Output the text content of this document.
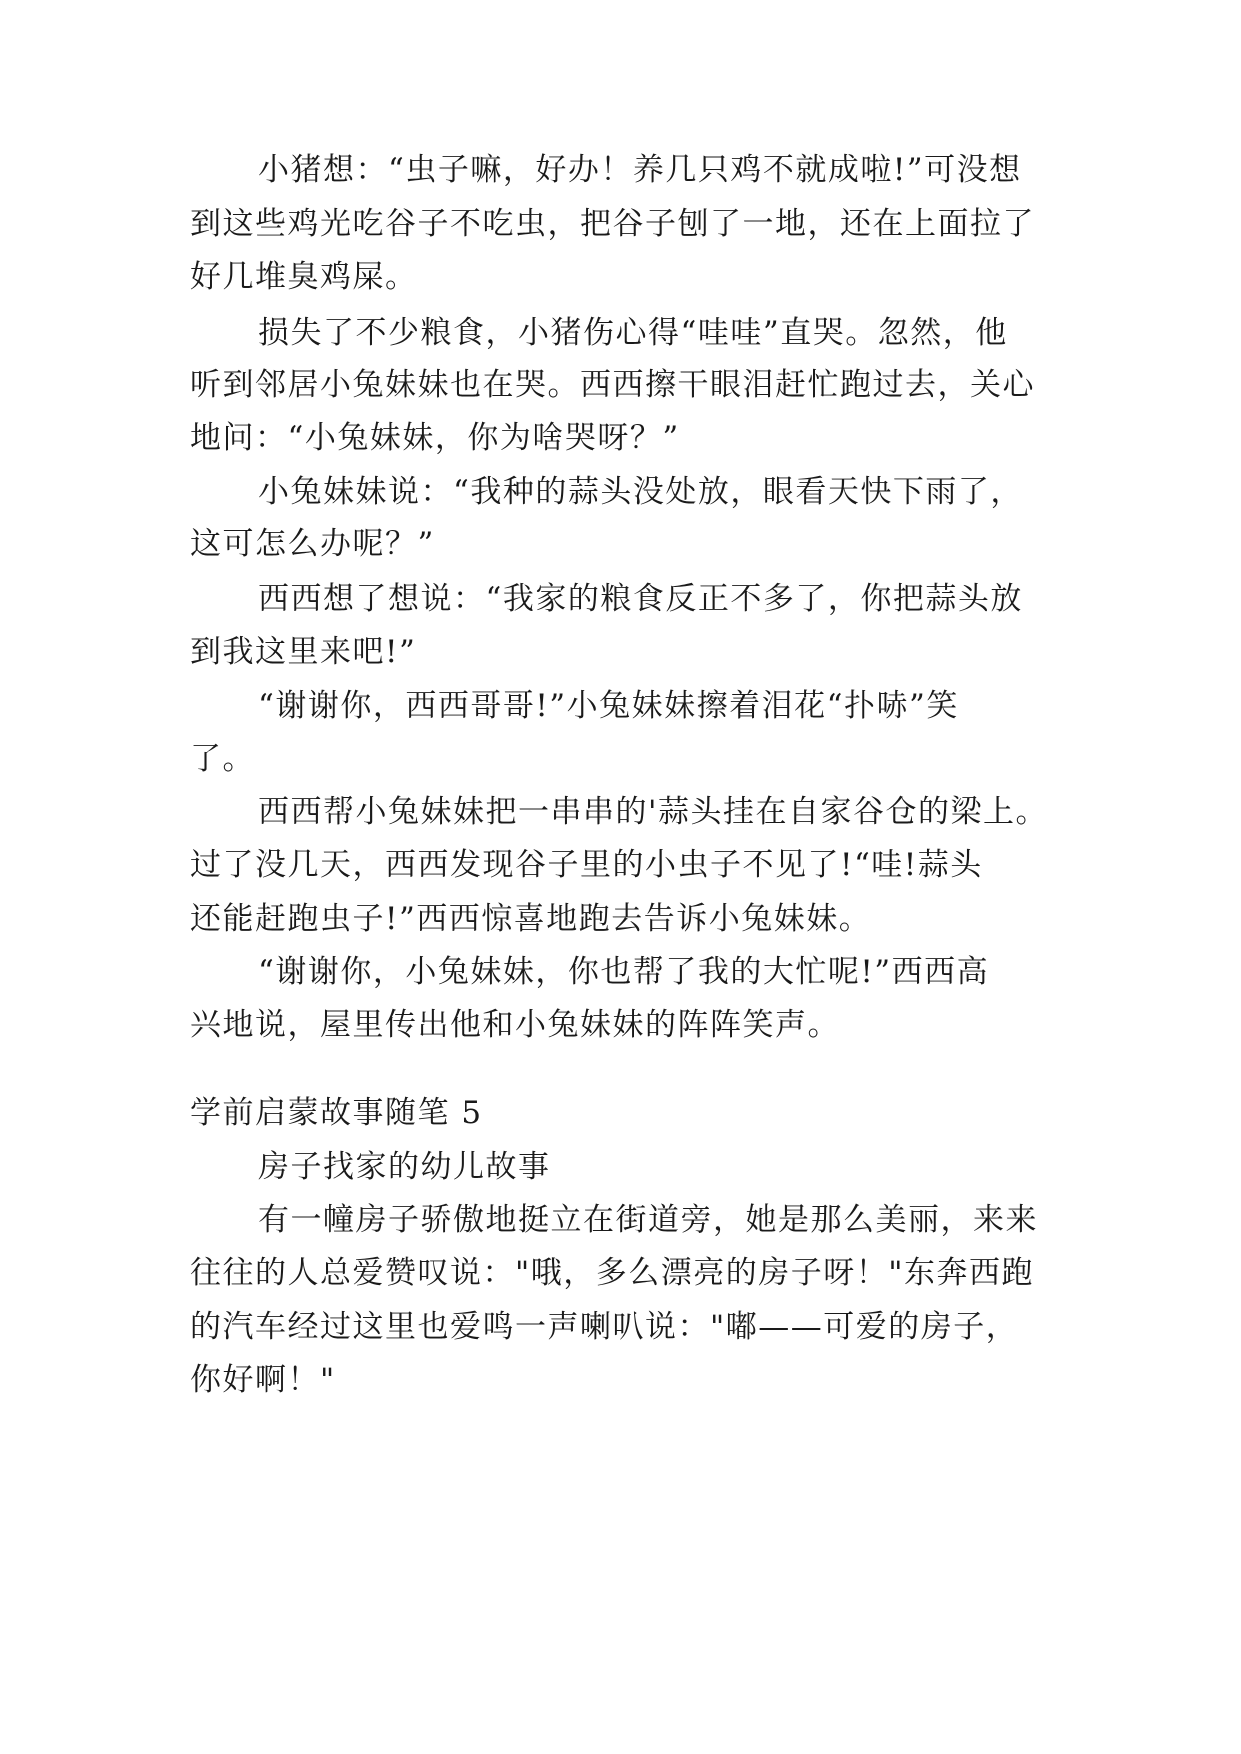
小猪想：“虫子嘛，好办！养几只鸡不就成啦!”可没想
到这些鸡光吃谷子不吃虫，把谷子刨了一地，还在上面拉了
好几堆臭鸡屎。
损失了不少粮食，小猪伤心得“哇哇”直哭。忽然，他
听到邻居小兔妹妹也在哭。西西擦干眼泪赶忙跑过去，关心
地问：“小兔妹妹，你为啥哭呀？”
小兔妹妹说：“我种的蒜头没处放，眼看天快下雨了，
这可怎么办呢？”
西西想了想说：“我家的粮食反正不多了，你把蒜头放
到我这里来吧!”
“谢谢你，西西哥哥!”小兔妹妹擦着泪花“扑哧”笑
了。
西西帮小兔妹妹把一串串的'蒜头挂在自家谷仓的梁上。
过了没几天，西西发现谷子里的小虫子不见了!“哇!蒜头
还能赶跑虫子!”西西惊喜地跑去告诉小兔妹妹。
“谢谢你，小兔妹妹，你也帮了我的大忙呢!”西西高
兴地说，屋里传出他和小兔妹妹的阵阵笑声。
学前启蒙故事随笔 5
房子找家的幼儿故事
有一幢房子骄傲地挺立在街道旁，她是那么美丽，来来
往往的人总爱赞叹说："哦，多么漂亮的房子呀！"东奔西跑
的汽车经过这里也爱鸣一声喇叭说："嘟——可爱的房子，
你好啊！"
